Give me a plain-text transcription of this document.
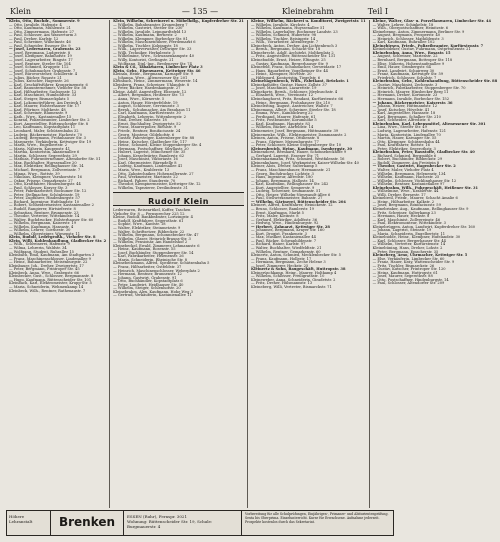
Klein	— 135 —	Kleinebrahm	Teil I
Klein, Otto, Buchdr., Sommerstr. 9
— Otto, Invalide, Hafenstr. 4
— Otto, Kaufmann, Mühlenstr. 21
— Otto, Zimmermann, Hafenstr. 27
— Paul, Schlosser, Am Wasserturm 3
— Paul, Dreher, Karlstr. 12
— Paul, Schreiner, Wilhelmstr. 46
— Paul, Schneider, Essener Str. 9
— Josef, Lederwaren, Grabenstr. 23
— Josef, Bergmann, Ludgeristr. 8
— Josef, Klempner, Bahnhofstr. 19
— Josef, Lagerarbeiter, Ringstr. 17
— Josef, Rentner, Steeler Str. 104
— Josef, Schmied, Kruppstr. 112
— Josef, Schuhmacher, Grabenstr. 7
— Josef, Bürovorsteher, Schillerstr. 4
— Julius, Bäcker, Rosastr. 21
— Julius, Kutscher, Hagenstr. 26
— Karl, Geschäftsführer, Kronprinzenstr. 6
— Karl, Bauunternehmer, Viehofer Str. 58
— Karl, Hilfsarbeiter, Sachsenstr. 12
— Karl, Maschinist, Humboldtstr. 33
— Karl, Steiger, Bismarckplatz 5
— Karl, Lokomotivführer, Am Dreieck 1
— Karl, Maurer, Holsterhauser Str. 17
— Karl, Pförtner, Moltkestr. 48
— Karl, Schreiner, Blumenstr. 9
— Kath., Wwe., Kastanienallee 15
— Konrad, Polizeibeamter, Limbecker Str. 2
— Kurt, Angestellter, Rüttenscheider Str. 8
— Leo, Kaufmann, Kopstadtplatz 11
— Leonhard, Maler, Schützenbahn 32
— Ludwig, Bäckermeister, Hachestr. 70
— Ludwig, Bergmann, Frohnhauser Str. 3
— Margarete, Verkäuferin, Kettwiger Str. 19
— Maria, Wwe., Engelbertstr. 2
— Maria, Näherin, Kaupenstr. 41
— Martha, Kontoristin, Akazienallee 6
— Martin, Schlosser, Segerothstr. 29
— Mathias, Fuhrunternehmer, Altendorfer Str. 51
— Max, Buchhalter, Huyssenallee 20
— Max, Elektriker, Rellinghauser Str. 14
— Michael, Bergmann, Zollvereinstr. 7
— Minna, Wwe., Rottstr. 39
— Nikolaus, Klempner, Varnhorststr. 16
— Oskar, Friseur, Gemarkenstr. 27
— Otto, Kraftfahrer, Hindenburgstr. 44
— Paul, Schlosser, Krayer Str. 3
— Peter, Fabrikarbeiter, Bochumer Str. 12
— Peter, Stellmacher, Schönleinstr. 19
— Peter, Zugführer, Hindenburgstr. 57
— Richard, Ingenieur, Hufelandstr. 10
— Robert, Schneidermeister, Kastanienallee 2
— Rudolf, Rangierer, Hirtsieferstr. 8
— Sebastian, Rentner, Brunnenstr. 23
— Theodor, Vertreter, Wittekindstr. 14
— Walter, Buchdrucker, Holsterhauser Str. 60
— Wilhelm, Bergmann, Kaiserstr. 19
— Wilhelm, Kaufmann, Hansastr. 4
— Wilhelm, Lehrer, Goethestr. 30
— Wilhelm, Obersteiger, Wiesenstr. 11
Klein, Rudolf, Ledergroßh., Viehofer Str. 8
Klein, Willi, Kohlenhandlung, Gladbecker Str. 2
— Wilh., Schreinerei, Hafenstr. 9
— Wilma, Lehrerin, Waldstr. 34
— Wolfgang, Student, Ruhrallee 15
Kleinbach, Emil, Kaufmann, Am Stadtgarten 3
— Franz, Maschinenschlosser, Lindenallee 9
— Heinr., Bahnarbeiter, Meisenburgstr. 22
Kleinbauer, Joh., Dreher, Zweigertstr. 17
— Peter, Bergmann, Frintroper Str. 45
Kleinbeck, Anna, Wwe., Grabenstr. 66
Kleinbecker, Gust., Schlosser, Bergmannstr. 8
— Hugo, Kaufmann, Rüttenscheider Str. 101
Kleinbach, Karl, Elektromeister, Krupp-Str. 5
— Maria, Schneiderin, Wehmenkamp 14
Kleinbeck, Wilh., Rentner, Rathenaustr. 7
Klein, Wilhelm, Schreinerei u. Möbelhdlg., Kupferdreher Str. 21
— Wilhelm, Bahnbeamter, Kronenberg 7
— Wilhelm, Gastwirt, Steeler Str. 230
— Wilhelm, Invalide, Leimgardtsfeld 13
— Wilhelm, Kaufmann, Bernestr. 2
— Wilhelm, Klempner, Borbecker Str. 81
— Wilhelm, Maschinenführer, Pferdemarkt 6
— Wilhelm, Tischler, Kolpingstr. 18
— Wilh., Lagerverwalter, Dellwiger Str. 33
— Willi, Techniker, Herkulesstr. 5
— Wilhelmine, Wwe., Schwanenkampstr. 40
— Willy, Kontorist, Gerlingstr. 21
— Wolfgang, Dipl.-Ing., Bredeneyer Str. 74
Klein & Co., Tabakwaren, Limbecker Platz 3
Klein, Gebr., Eisenwaren, Kettwiger Str. 46
Kleinau, Heinr., Bergmann, Karnaper Str. 9
— Johanna, Wwe., Altenessener Str. 201
Kleinbach, Heinr., Zimmermann, Weserstr. 14
Kleinberg, Franz, Schreiner, Uhlandstr. 8
— Peter, Bäcker, Haedenkampstr. 27
Kleine, Adolf, Angestellter, Elisenstr. 12
— Albert, Bergmann, Heißener Str. 73
— Anna, Wwe., Körnerstr. 5
— Anton, Hauer, Hörsterfeldstr. 19
— August, Schlosser, Gervinusstr. 3
— Bernh., Schuhmacher, Am Brauhaus 11
— Carl, Kaufmann, Kurfürstenstr. 30
— Elisabeth, Lehrerin, Wittenbergstr. 2
— Emil, Dreher, Sälzerstr. 18
— Ernst, Buchhalter, Zweigertstr. 52
— Franz, Maurerpolier, Riehlstr. 9
— Friedr., Rentner, Bonifaciusstr. 24
— Georg, Monteur, Gildehofstr. 6
— Gustav, Fahrsteiger, Katernberger Str. 88
— Heinr., Kutscher, Gladbecker Str. 117
— Heinr., Schmied, Kleine Stoppenberger Str. 4
— Hermann, Postschaffner, Sibyllastr. 20
— Hubert, Lagerist, Münchener Str. 35
— Johann, Kesselwärter, Bamlerstr. 62
— Josef, Maschinist, Viktoriastr. 16
— Karl, Obermeister, Bärendelle 8
— Ludwig, Kaufmann, Lindenallee 41
— Maria, Wwe., Krablerstr. 13
— Otto, Zahntechniker, Hohenzollernstr. 27
— Paul, Werkmeister, Martinstr. 22
— Richard, Fahrer, Stauderstr. 70
— Theodor, Klempnermeister, Kettwiger Str. 12
— Wilhelm, Tapezierer, Dreilindenstr. 31
Rudolf Klein
Lederwaren, Reiseartikel, Koffer, Taschen
Viehofer Str. 8 — Fernsprecher 225 12
Kleine, Rudolf, Bankbeamter, Lortzingstr. 4
— Rudolf, Kraftfahrer, Segerothstr. 61
— Sophie, Wwe., Kantstr. 18
— Walter, Elektriker, Steinmetzstr. 9
— Walter, Schriftsetzer, Ribbeckstr. 22
— Wilhelm, Bergmann, Schonnebecker Str. 47
— Wilhelm, Glaser, Heinrich-Brauns-Str. 3
— Wilhelm, Pensionär, Am Handelshof 2
Kleinebeckel, Ewald, Zimmerer, Lehmannstr. 6
— Heinr., Kaufmann, Rosenstr. 55
— Josef, Buchbinder, Stoppenberger Str. 14
— Karl, Fabrikarbeiter, Helenenstr. 26
— Maria, Schneiderin, Rheinische Str. 8
Kleinebeckmann, Alfred, Spediteur, Schützenbahn 5
— Franz, Hilfsarbeiter, Ostfeldstr. 37
— Heinrich, Maschinenschlosser, Weberplatz 2
— Hermann, Rentner, Brunnenstr. 12
— Johann, Gastwirt, Grabenstr. 91
— Otto, Buchhändler, Kopstadtplatz 6
— Peter, Landwirt, Heidhauser Str. 40
— Wilhelm, Steiger, Schlenhofstr. 20
Kleinebrahm, Alex, Kaufmann, Hohe Weg 3
— Gertrud, Verkäuferin, Kastanienallee 11
Kleine, Wilhelm, Bäckerei u. Konditorei, Zweigertstr. 11
— Wilhelm, Invalide, Kirchstr. 4
— Wilhelm, Kaufmann, Huyssenallee 51
— Wilhelm, Lagerhalter, Bochumer Landstr. 23
— Wilhelm, Schmied, Hubertstr. 98
— Wilhelm, Tischler, Beisingstr. 14
— Wilh., Vorarbeiter, Altenbergstr. 7
Kleinebeck, Anton, Dreher, Am Lichtenbruch 3
— Bernh., Bergmann, Schacht-Str. 18
Kleinebrecht, Adolf, Architekt, Moltkeplatz 2
— Fritz, Angestellter, Rüttenscheider Str. 131
Kleinebudde, Ernst, Heizer, Eltingstr. 25
— Gustav, Kaufmann, Bergerhauser Str. 9
Kleinefeld, Franz, Schuhmacher, Gerswidastr. 17
— Hans, Bauarbeiter, Vogelheimer Str. 44
— Heinr., Klempner, Hövelstr. 20
— Hildegard, Kontoristin, Tiegelstr. 6
Kleinehagenbrock, Wilh., Fabrikant, Brückstr. 1
Kleinekathöfer, Gustav, Hauer, Zollstr. 37
— Josef, Maschinist, Lazarettstr. 19
Kleinekorte, Bernh., Schlosser, Meybuschstr. 4
— Elisabeth, Wwe., Vereinsstr. 12
Kleinelanghorst, Fritz, Rendant, Kurfürstenstr. 66
— Heinr., Bergmann, Frohnhauser Str. 210
Kleineleiting, August, Anstreicher, Wallstr. 7
Kleinemann, Albert, Schreiner, Steeler Str. 18
— Emma, Wwe., Kamblickweg 22
— Ferdinand, Maurer, Hafenstr. 61
— Fritz, Postbeamter, Korumhöhe 5
— Karl, Kaufmann, Hauptstr. 83
— Wilhelm, Bäcker, Ahrfeldstr. 14
Kleinemeier, Josef, Bergmann, Hüttmannstr. 39
Kleinemenke, Wilh., Elektromeister, Dammannstr. 2
Kleinen, Anton, Friseur, Ottilienstr. 8
— Franz, Gärtner, Meisenburgstr. 77
— Peter, Schlosser, Kleine Stoppenberger Str. 10
Kleinenbroich, Heinr., Kaufmann, Isenbergstr. 30
Kleinendorst, Bernhard, Hauer, Schonnebeckhöfe 9
— Gerhard, Lagerist, Essener Str. 71
Kleinenhammann, Fritz, Schmied, Westfalenstr. 16
Kleinenkuhnen, Josef, Werkmeister, Kaiser-Wilhelm-Str. 40
Kleiner, Alois, Dreher, Sulterkamp 5
— Franz, Maschinenbauer, Hermannstr. 21
— Georg, Buchdrucker, Lichtstr. 3
— Hans, Ingenieur, Alfredstr. 180
— Johann, Bergmann, Hallostr. 14
— Karl, Kaufmann, Rellinghauser Str. 242
— Kurt, Angestellter, Semperstr. 9
— Ludwig, Schreiner, Seumannstr. 51
— Otto, Heizer, Wilhelm-Nieswandt-Allee 6
— Paul, Stellwerksmeister, Bahnstr. 27
— Wilhelm, Gärtnerei, Rüttenscheider Str. 204
Kleinert, Alfred, Kraftfahrer, Heinickestr. 12
— Bruno, Schlosser, Bamlerstr. 19
— Ernst, Kaufmann, Markt 5
— Fritz, Maler, Kleinstr. 8
— Gerhard, Elektriker, Adolfsstr. 36
— Hedwig, Wwe., Hindenburgstr. 92
— Herbert, Zahnarzt, Kettwiger Str. 28
— Johannes, Bergmann, Krayer Str. 160
— Kurt, Drogist, Frankenstr. 3
— Max, Musiker, Kastanienallee 44
— Paul, Bäcker, Schwanhildenstr. 7
— Richard, Hauer, Karlstr. 97
— Walter, Buchhalter, Wiedfeldtstr. 21
— Wilhelm, Rentner, Gemarkenstr. 60
Kleinertz, Anton, Schmied, Mecklenbecker Str. 5
— Franz, Kaufmann, Hollestr. 17
— Hermann, Bergmann, Zeche Helene 3
— Josef, Zimmerer, Heckstr. 25
Kleinertz & Sohn, Baugeschäft, Huttropstr. 38
Kleinerüschkamp, Heinr., Maurer, Holtkamp 4
— Wilhelm, Schlosser, Freiligrathstr. 10
Kleineweber, Anna, Schneiderin, Giradetstr. 2
— Fritz, Dreher, Hülsmannstr. 13
Kleineberg, Willi, Vertreter, Bismarckstr. 71
Kleine, Walter, Glas- u. Porzellanwaren, Limbecker Str. 44
— Walter, Lehrer, Schinkelstr. 18
— Wilh., Oberpostschaffner, Heinitzstr. 6
Kleinebenne, Anton, Zimmermann, Berliner Str. 9
— August, Bergmann, Prosperstr. 40
— Heinrich, Schlosser, Mathildenstr. 3
— Karl, Kaufmann, Ruhrallee 102
Kleinebiesen, Friedr., Polizeibeamter, Kurfürstenstr. 7
Kleinebödeker, Gustav, Fuhrmann, Ostpreußenstr. 21
Kleinebrahm, Anna, Wwe., Rosastr. 15
— August, Schreiner, Marienstr. 22
— Bernhard, Bergmann, Bottroper Str. 118
— Elise, Näherin, Hohenstaufenallee 9
— Emil, Hauer, Grimbergstr. 64
— Ernst, Landwirt, Schuirweg 30
— Franz, Kaufmann, Kettwiger Str. 59
— Friedrich, Schlosser, Schulstr. 7
Kleinebrahm, Gebr., Kohlenhandlung, Rüttenscheider Str. 88
— Gustav, Maschinist, Zechenstr. 3
— Heinrich, Fabrikarbeiter, Stoppenberger Str. 70
— Heinrich, Maurer, Hinsbecker Berg 11
— Hermann, Dreher, Kortumstr. 23
— Hermann, Invalide, Borbecker Str. 152
— Johann, Bäckermeister, Kaiserstr. 36
— Johann, Heizer, Hüttmannstr. 12
— Josef, Kutscher, Hövelstr. 41
— Karl, Angestellter, Hansastr. 18
— Karl, Bergmann, Schalker Str. 210
— Karl, Schneider, Alfredistr. 6
Kleinebrahm, Karl, Lebensmittel, Altenessener Str. 301
— Lina, Wwe., Steeler Str. 49
— Ludwig, Lagerarbeiter, Hafenstr. 121
— Maria, Kontoristin, Lindenallee 70
— Martin, Hauer, Karnaper Str. 55
— Otto, Klempner, Schützenbahn 44
— Paul, Kraftfahrer, Rottstr. 16
— Peter, Elektriker, Segerothstr. 3
Kleinebrahm, Peter, Baustoffe, Gladbecker Str. 40
— Richard, Schmied, Bergmühle 6
— Robert, Buchbinder, Ribbeckstr. 29
— Rudolf, Zimmerer, Am Freistein 8
— Theodor, Gastwirt, Hagenbecker Str. 2
— Walter, Maler, Viehofer Platz 4
— Wilhelm, Bergmann, Helenenstr. 134
— Wilhelm, Kaufmann, Hachestr. 25
— Wilhelm, Schlosser, Vöcklinghauser Str. 12
— Wilhelm, Rentner, Kastanienallee 97
Kleinebrahm, Wilh., Fuhrgeschäft, Heißener Str. 31
— Wilhelmine, Wwe., Krablerstr. 44
— Willi, Dreher, Bernestr. 17
Kleinebreil, Friedr., Maurer, Schacht Amalie 6
— Heinr., Hilfsarbeiter, Kalkstr. 2
— Josef, Bergmann, Bonifaciusstr. 59
Kleinebrinker, Aug., Kaufmann, Rellinghauser Str. 9
— Fritz, Schreiner, Sulterkamp 23
— Hermann, Hauer, Heckstr. 8
— Karl, Maschinist, Zollvereinstr. 46
— Paul, Elektromonteur, Wittekindstr. 3
Kleinebrüggen, Anton, Landwirt, Kupferdreher Str. 160
— Johann, Lagerist, Steinstr. 19
— Maria, Schneiderin, Engelbertstr. 11
Kleinebudde, Heinr., Klempner, Hufelandstr. 30
— Karl, Schlosser, Bergerhauser Str. 44
— Wilhelm, Vertreter, Kurfürstenstr. 14
Kleinebüning, Hans, Dreher, Lohstr. 2
— Peter, Bergmann, Emscherstr. 35
Kleineberg, Arno, Uhrmacher, Kettwiger Str. 5
— Else, Verkäuferin, Limbecker Str. 60
— Franz, Hauer, Kray, Wattenscheider Str. 9
— Fritz, Tischler, Bismarckstr. 26
— Gustav, Kutscher, Frintroper Str. 120
— Heinz, Kaufmann, Huttropstr. 61
— Josef, Maurer, Segerothstr. 88
— Otto, Postschaffner, Hindenburgstr. 14
— Paul, Schlosser, Altendorfer Str. 209
Höhere
Lehranstalt	Brenken	ESSEN (Ruhr), Fernspr. 3021
Wohnung: Rüttenscheider Str. 19, Schule: Burgmauerstr. 4
Vorbereitung für alle Schulprüfungen, Einjährigen-, Primaner- und Abiturientenprüfung. Sexta bis Oberprima. Einzelunterricht. Kurse für Erwachsene. Aufnahme jederzeit. Prospekte kostenlos durch das Sekretariat.
